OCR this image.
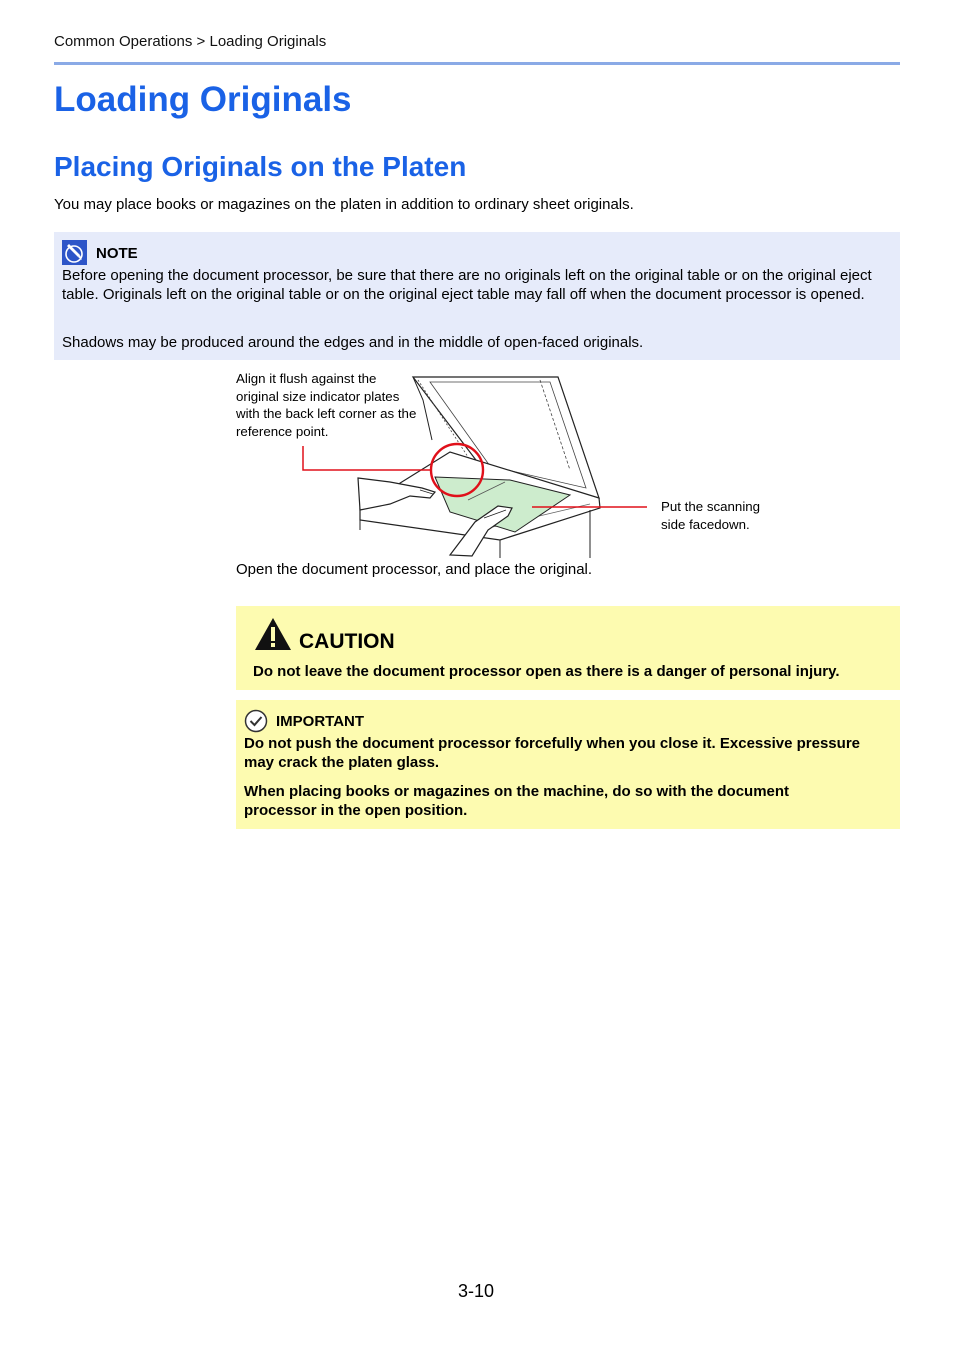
Common Operations > Loading Originals
Loading Originals
Placing Originals on the Platen
You may place books or magazines on the platen in addition to ordinary sheet originals.
NOTE
Before opening the document processor, be sure that there are no originals left on the original table or on the original eject table. Originals left on the original table or on the original eject table may fall off when the document processor is opened.
Shadows may be produced around the edges and in the middle of open-faced originals.
Align it flush against the original size indicator plates with the back left corner as the reference point.
Put the scanning side facedown.
Open the document processor, and place the original.
CAUTION
Do not leave the document processor open as there is a danger of personal injury.
IMPORTANT
Do not push the document processor forcefully when you close it. Excessive pressure may crack the platen glass.
When placing books or magazines on the machine, do so with the document processor in the open position.
3-10
